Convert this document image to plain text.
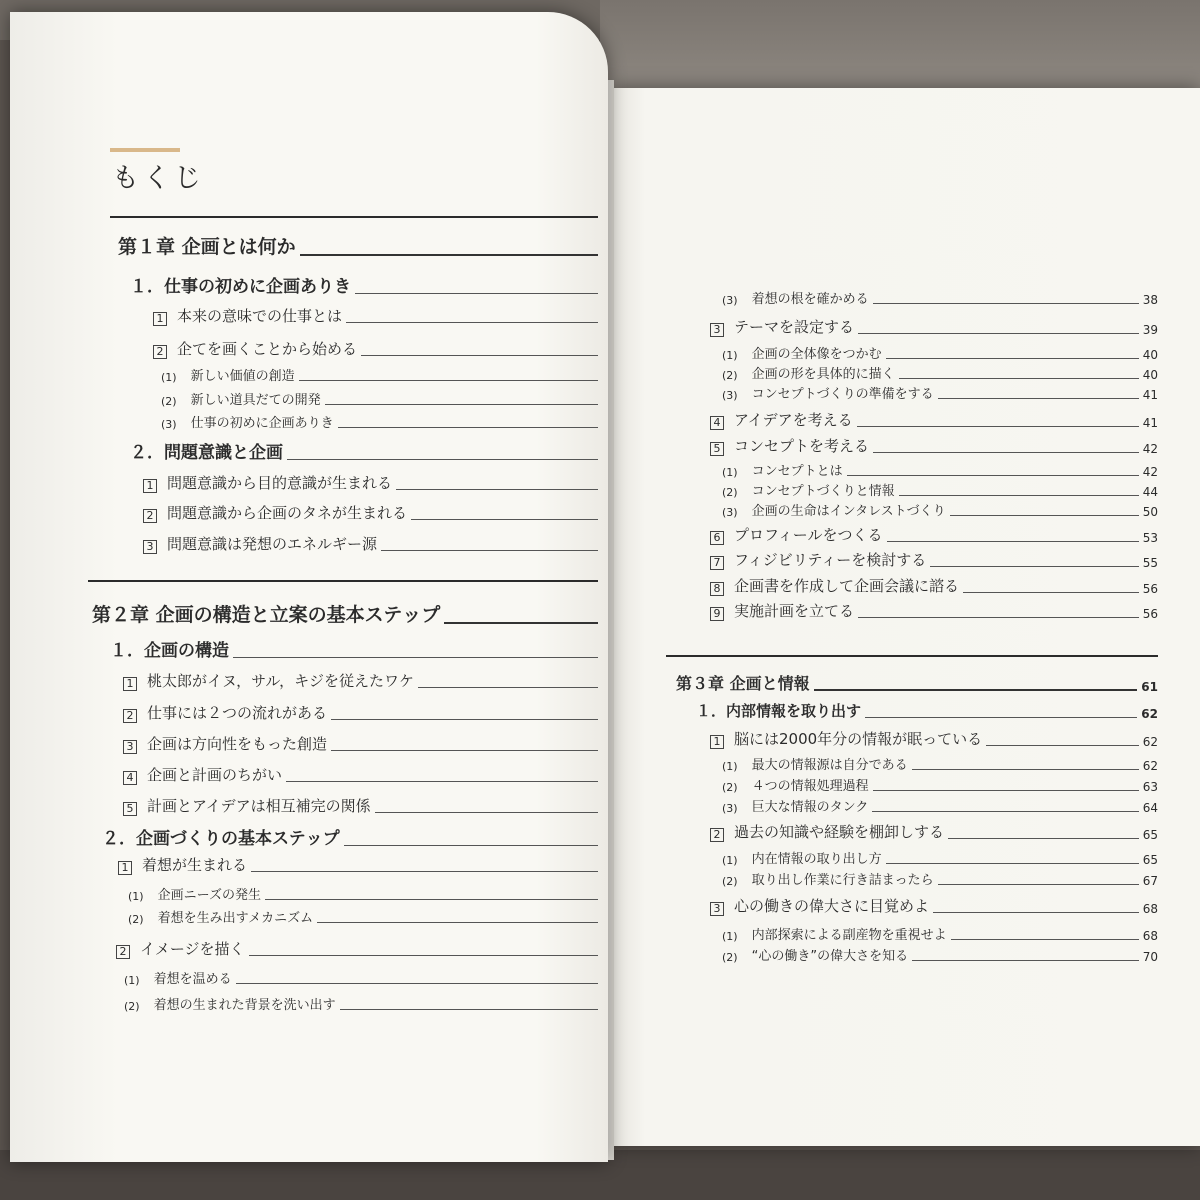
もくじ
第１章 企画とは何か
１．仕事の初めに企画ありき
1 本来の意味での仕事とは
2 企てを画くことから始める
(1) 新しい価値の創造
(2) 新しい道具だての開発
(3) 仕事の初めに企画ありき
２．問題意識と企画
1 問題意識から目的意識が生まれる
2 問題意識から企画のタネが生まれる
3 問題意識は発想のエネルギー源
第２章 企画の構造と立案の基本ステップ
１．企画の構造
1 桃太郎がイヌ，サル，キジを従えたワケ
2 仕事には２つの流れがある
3 企画は方向性をもった創造
4 企画と計画のちがい
5 計画とアイデアは相互補完の関係
２．企画づくりの基本ステップ
1 着想が生まれる
(1) 企画ニーズの発生
(2) 着想を生み出すメカニズム
2 イメージを描く
(1) 着想を温める
(2) 着想の生まれた背景を洗い出す
(3) 着想の根を確かめる	38
3 テーマを設定する	39
(1) 企画の全体像をつかむ	40
(2) 企画の形を具体的に描く	40
(3) コンセプトづくりの準備をする	41
4 アイデアを考える	41
5 コンセプトを考える	42
(1) コンセプトとは	42
(2) コンセプトづくりと情報	44
(3) 企画の生命はインタレストづくり	50
6 プロフィールをつくる	53
7 フィジビリティーを検討する	55
8 企画書を作成して企画会議に諮る	56
9 実施計画を立てる	56
第３章 企画と情報	61
１．内部情報を取り出す	62
1 脳には2000年分の情報が眠っている	62
(1) 最大の情報源は自分である	62
(2) ４つの情報処理過程	63
(3) 巨大な情報のタンク	64
2 過去の知識や経験を棚卸しする	65
(1) 内在情報の取り出し方	65
(2) 取り出し作業に行き詰まったら	67
3 心の働きの偉大さに目覚めよ	68
(1) 内部探索による副産物を重視せよ	68
(2) “心の働き”の偉大さを知る	70
